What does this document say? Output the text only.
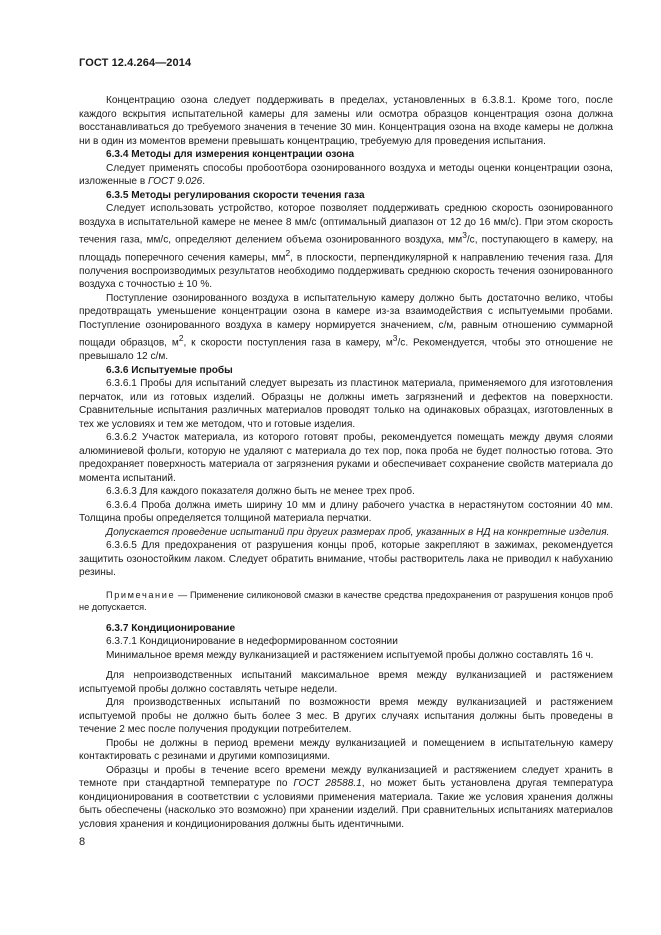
ГОСТ 12.4.264—2014

Концентрацию озона следует поддерживать в пределах, установленных в 6.3.8.1. Кроме того, после каждого вскрытия испытательной камеры для замены или осмотра образцов концентрация озона должна восстанавливаться до требуемого значения в течение 30 мин. Концентрация озона на входе камеры не должна ни в один из моментов времени превышать концентрацию, требуемую для проведения испытания.

6.3.4 Методы для измерения концентрации озона

Следует применять способы пробоотбора озонированного воздуха и методы оценки концентрации озона, изложенные в ГОСТ 9.026.

6.3.5 Методы регулирования скорости течения газа

Следует использовать устройство, которое позволяет поддерживать среднюю скорость озонированного воздуха в испытательной камере не менее 8 мм/с (оптимальный диапазон от 12 до 16 мм/с). При этом скорость течения газа, мм/с, определяют делением объема озонированного воздуха, $мм^3/с$, поступающего в камеру, на площадь поперечного сечения камеры, $мм^2$, в плоскости, перпендикулярной к направлению течения газа. Для получения воспроизводимых результатов необходимо поддерживать среднюю скорость течения озонированного воздуха с точностью ± 10 %.

Поступление озонированного воздуха в испытательную камеру должно быть достаточно велико, чтобы предотвращать уменьшение концентрации озона в камере из-за взаимодействия с испытуемыми пробами. Поступление озонированного воздуха в камеру нормируется значением, с/м, равным отношению суммарной пощади образцов, $м^2$, к скорости поступления газа в камеру, $м^3/с$. Рекомендуется, чтобы это отношение не превышало 12 с/м.

6.3.6 Испытуемые пробы

6.3.6.1 Пробы для испытаний следует вырезать из пластинок материала, применяемого для изготовления перчаток, или из готовых изделий. Образцы не должны иметь загрязнений и дефектов на поверхности. Сравнительные испытания различных материалов проводят только на одинаковых образцах, изготовленных в тех же условиях и тем же методом, что и готовые изделия.

6.3.6.2 Участок материала, из которого готовят пробы, рекомендуется помещать между двумя слоями алюминиевой фольги, которую не удаляют с материала до тех пор, пока проба не будет полностью готова. Это предохраняет поверхность материала от загрязнения руками и обеспечивает сохранение свойств материала до момента испытаний.

6.3.6.3 Для каждого показателя должно быть не менее трех проб.

6.3.6.4 Проба должна иметь ширину 10 мм и длину рабочего участка в нерастянутом состоянии 40 мм. Толщина пробы определяется толщиной материала перчатки.

Допускается проведение испытаний при других размерах проб, указанных в НД на конкретные изделия.

6.3.6.5 Для предохранения от разрушения концы проб, которые закрепляют в зажимах, рекомендуется защитить озоностойким лаком. Следует обратить внимание, чтобы растворитель лака не приводил к набуханию резины.

Примечание — Применение силиконовой смазки в качестве средства предохранения от разрушения концов проб не допускается.

6.3.7 Кондиционирование

6.3.7.1 Кондиционирование в недеформированном состоянии

Минимальное время между вулканизацией и растяжением испытуемой пробы должно составлять 16 ч.

Для непроизводственных испытаний максимальное время между вулканизацией и растяжением испытуемой пробы должно составлять четыре недели.

Для производственных испытаний по возможности время между вулканизацией и растяжением испытуемой пробы не должно быть более 3 мес. В других случаях испытания должны быть проведены в течение 2 мес после получения продукции потребителем.

Пробы не должны в период времени между вулканизацией и помещением в испытательную камеру контактировать с резинами и другими композициями.

Образцы и пробы в течение всего времени между вулканизацией и растяжением следует хранить в темноте при стандартной температуре по ГОСТ 28588.1, но может быть установлена другая температура кондиционирования в соответствии с условиями применения материала. Такие же условия хранения должны быть обеспечены (насколько это возможно) при хранении изделий. При сравнительных испытаниях материалов условия хранения и кондиционирования должны быть идентичными.

8
